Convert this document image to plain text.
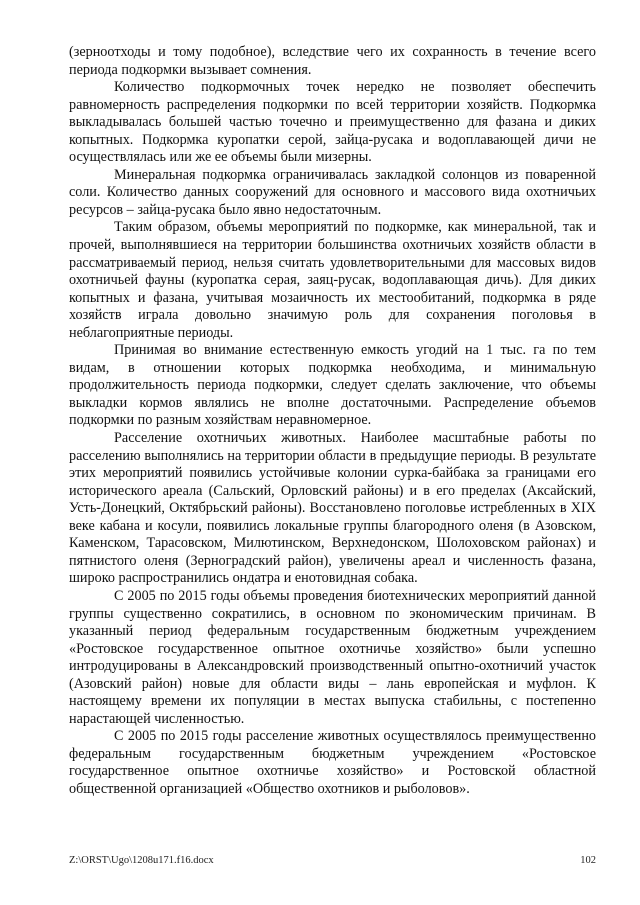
(зерноотходы и тому подобное), вследствие чего их сохранность в течение всего периода подкормки вызывает сомнения.

Количество подкормочных точек нередко не позволяет обеспечить равномерность распределения подкормки по всей территории хозяйств. Подкормка выкладывалась большей частью точечно и преимущественно для фазана и диких копытных. Подкормка куропатки серой, зайца-русака и водоплавающей дичи не осуществлялась или же ее объемы были мизерны.

Минеральная подкормка ограничивалась закладкой солонцов из поваренной соли. Количество данных сооружений для основного и массового вида охотничьих ресурсов – зайца-русака было явно недостаточным.

Таким образом, объемы мероприятий по подкормке, как минеральной, так и прочей, выполнявшиеся на территории большинства охотничьих хозяйств области в рассматриваемый период, нельзя считать удовлетворительными для массовых видов охотничьей фауны (куропатка серая, заяц-русак, водоплавающая дичь). Для диких копытных и фазана, учитывая мозаичность их местообитаний, подкормка в ряде хозяйств играла довольно значимую роль для сохранения поголовья в неблагоприятные периоды.

Принимая во внимание естественную емкость угодий на 1 тыс. га по тем видам, в отношении которых подкормка необходима, и минимальную продолжительность периода подкормки, следует сделать заключение, что объемы выкладки кормов являлись не вполне достаточными. Распределение объемов подкормки по разным хозяйствам неравномерное.

Расселение охотничьих животных. Наиболее масштабные работы по расселению выполнялись на территории области в предыдущие периоды. В результате этих мероприятий появились устойчивые колонии сурка-байбака за границами его исторического ареала (Сальский, Орловский районы) и в его пределах (Аксайский, Усть-Донецкий, Октябрьский районы). Восстановлено поголовье истребленных в XIX веке кабана и косули, появились локальные группы благородного оленя (в Азовском, Каменском, Тарасовском, Милютинском, Верхнедонском, Шолоховском районах) и пятнистого оленя (Зерноградский район), увеличены ареал и численность фазана, широко распространились ондатра и енотовидная собака.

С 2005 по 2015 годы объемы проведения биотехнических мероприятий данной группы существенно сократились, в основном по экономическим причинам. В указанный период федеральным государственным бюджетным учреждением «Ростовское государственное опытное охотничье хозяйство» были успешно интродуцированы в Александровский производственный опытно-охотничий участок (Азовский район) новые для области виды – лань европейская и муфлон. К настоящему времени их популяции в местах выпуска стабильны, с постепенно нарастающей численностью.

С 2005 по 2015 годы расселение животных осуществлялось преимущественно федеральным государственным бюджетным учреждением «Ростовское государственное опытное охотничье хозяйство» и Ростовской областной общественной организацией «Общество охотников и рыболовов».

Z:\ORST\Ugo\1208u171.f16.docx	102
